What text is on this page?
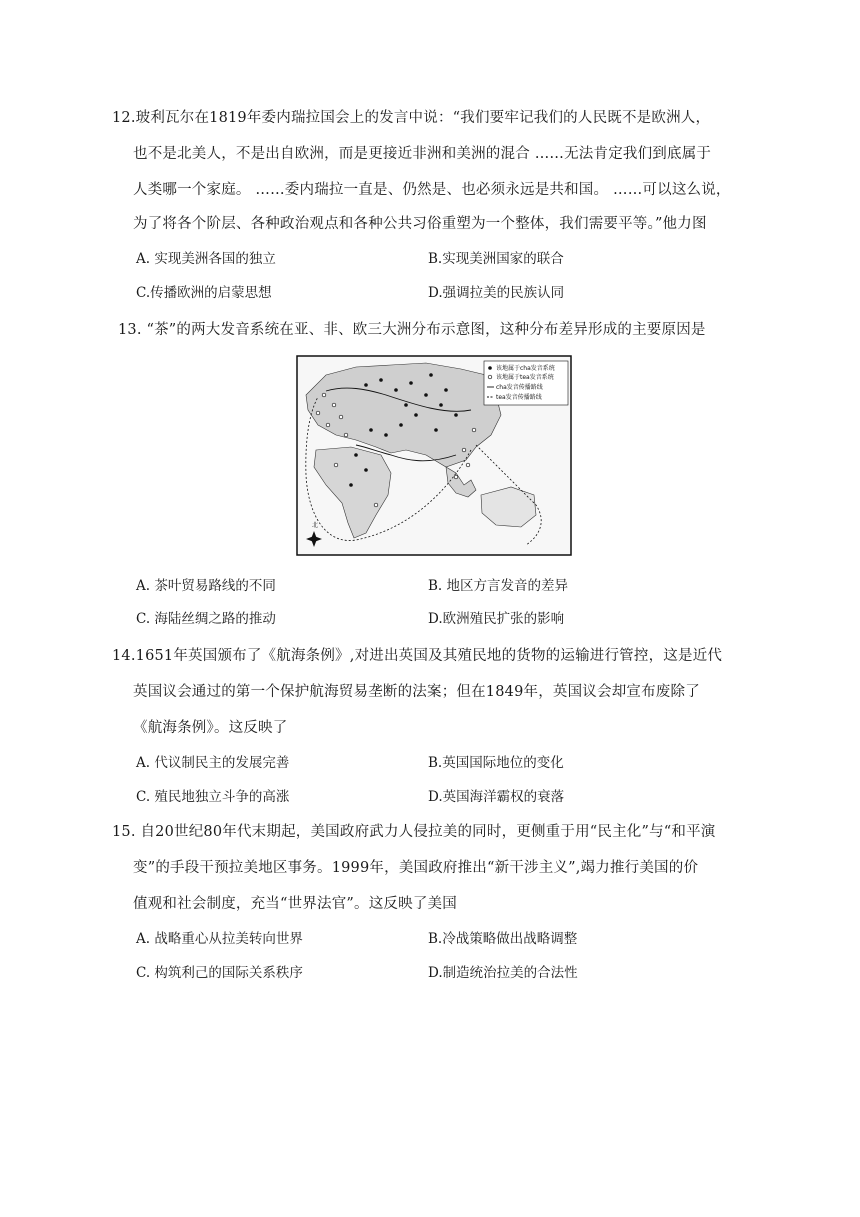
12.玻利瓦尔在1819年委内瑞拉国会上的发言中说：“我们要牢记我们的人民既不是欧洲人，
也不是北美人，不是出自欧洲，而是更接近非洲和美洲的混合 ……无法肯定我们到底属于
人类哪一个家庭。 ……委内瑞拉一直是、仍然是、也必须永远是共和国。 ……可以这么说，
为了将各个阶层、各种政治观点和各种公共习俗重塑为一个整体，我们需要平等。”他力图
A. 实现美洲各国的独立	B.实现美洲国家的联合
C.传播欧洲的启蒙思想	D.强调拉美的民族认同
13. “茶”的两大发音系统在亚、非、欧三大洲分布示意图，这种分布差异形成的主要原因是
该地属于cha发音系统
该地属于tea发音系统
cha发音传播路线
tea发音传播路线
北
A. 茶叶贸易路线的不同	B. 地区方言发音的差异
C. 海陆丝绸之路的推动	D.欧洲殖民扩张的影响
14.1651年英国颁布了《航海条例》,对进出英国及其殖民地的货物的运输进行管控，这是近代
英国议会通过的第一个保护航海贸易垄断的法案；但在1849年，英国议会却宣布废除了
《航海条例》。这反映了
A. 代议制民主的发展完善	B.英国国际地位的变化
C. 殖民地独立斗争的高涨	D.英国海洋霸权的衰落
15. 自20世纪80年代末期起，美国政府武力人侵拉美的同时，更侧重于用“民主化”与“和平演
变”的手段干预拉美地区事务。1999年，美国政府推出“新干涉主义”,竭力推行美国的价
值观和社会制度，充当“世界法官”。这反映了美国
A. 战略重心从拉美转向世界	B.冷战策略做出战略调整
C. 构筑利己的国际关系秩序	D.制造统治拉美的合法性
